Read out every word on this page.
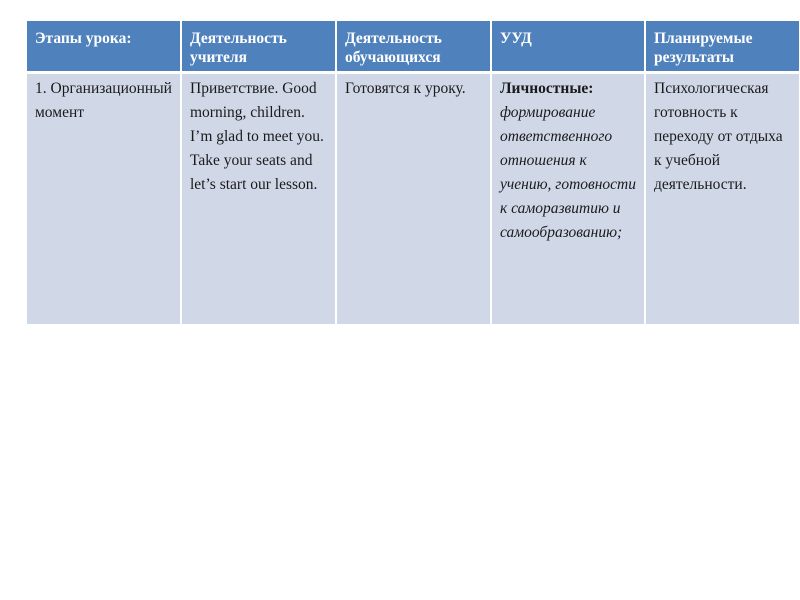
Этапы урока:	Деятельность учителя	Деятельность обучающихся	УУД	Планируемые результаты
1. Организационный момент	Приветствие. Good morning, children. I’m glad to meet you. Take your seats and let’s start our lesson.	Готовятся к уроку.	Личностные: формирование ответственного отношения к учению, готовности к саморазвитию и самообразованию;	Психологическая готовность к переходу от отдыха к учебной деятельности.
